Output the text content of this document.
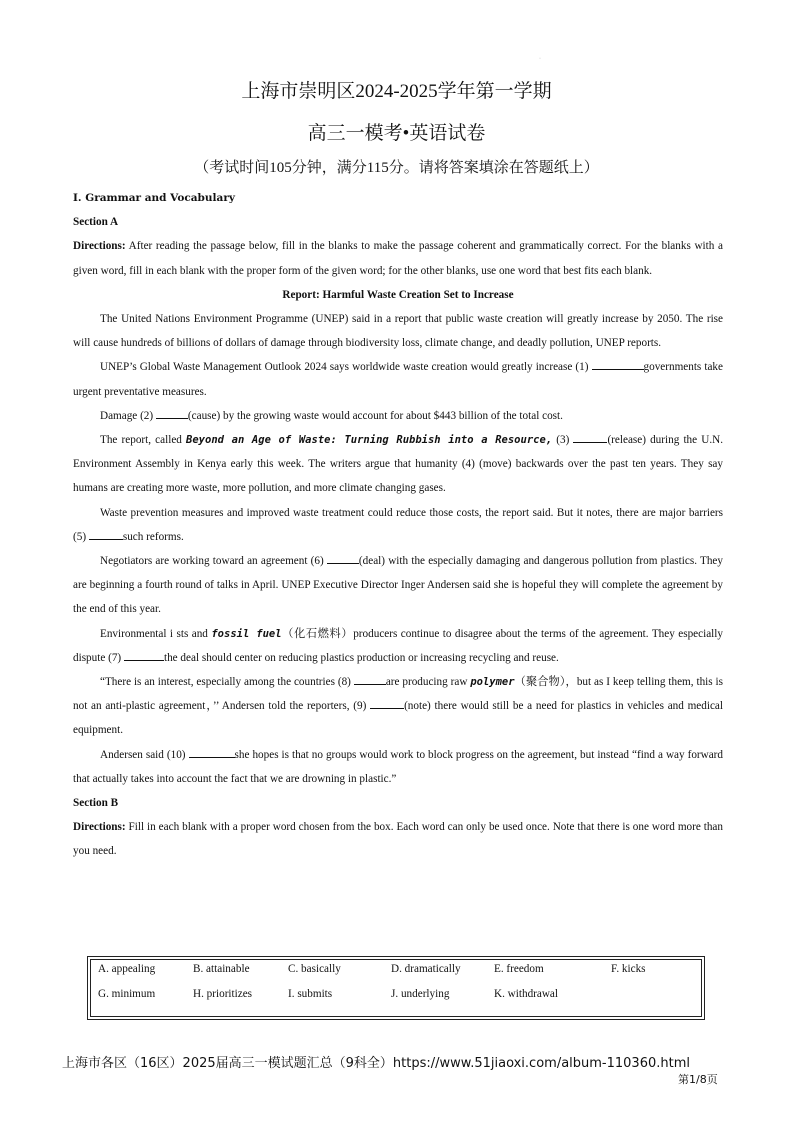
·
上海市崇明区2024-2025学年第一学期
高三一模考•英语试卷
（考试时间105分钟，满分115分。请将答案填涂在答题纸上）

I. Grammar and Vocabulary

Section A

Directions: After reading the passage below, fill in the blanks to make the passage coherent and grammatically correct. For the blanks with a given word, fill in each blank with the proper form of the given word; for the other blanks, use one word that best fits each blank.

Report: Harmful Waste Creation Set to Increase

The United Nations Environment Programme (UNEP) said in a report that public waste creation will greatly increase by 2050. The rise will cause hundreds of billions of dollars of damage through biodiversity loss, climate change, and deadly pollution, UNEP reports.

UNEP’s Global Waste Management Outlook 2024 says worldwide waste creation would greatly increase (1)	governments take urgent preventative measures.

Damage (2)	(cause) by the growing waste would account for about $443 billion of the total cost.

The report, called Beyond an Age of Waste: Turning Rubbish into a Resource, (3)	(release) during the U.N. Environment Assembly in Kenya early this week. The writers argue that humanity (4) (move) backwards over the past ten years. They say humans are creating more waste, more pollution, and more climate changing gases.

Waste prevention measures and improved waste treatment could reduce those costs, the report said. But it notes, there are major barriers (5)	such reforms.

Negotiators are working toward an agreement (6)	(deal) with the especially damaging and dangerous pollution from plastics. They are beginning a fourth round of talks in April. UNEP Executive Director Inger Andersen said she is hopeful they will complete the agreement by the end of this year.

Environmental i sts and fossil fuel（化石燃料）producers continue to disagree about the terms of the agreement. They especially dispute (7)	the deal should center on reducing plastics production or increasing recycling and reuse.

“There is an interest, especially among the countries (8)	are producing raw polymer（聚合物），but as I keep telling them, this is not an anti-plastic agreement，’’ Andersen told the reporters, (9)	(note) there would still be a need for plastics in vehicles and medical equipment.

Andersen said (10)	she hopes is that no groups would work to block progress on the agreement, but instead “find a way forward that actually takes into account the fact that we are drowning in plastic.”

Section B

Directions: Fill in each blank with a proper word chosen from the box. Each word can only be used once. Note that there is one word more than you need.

A. appealing	B. attainable	C. basically	D. dramatically	E. freedom	F. kicks
G. minimum	H. prioritizes	I. submits	J. underlying	K. withdrawal
上海市各区（16区）2025届高三一模试题汇总（9科全）https://www.51jiaoxi.com/album-110360.html
第1/8页
